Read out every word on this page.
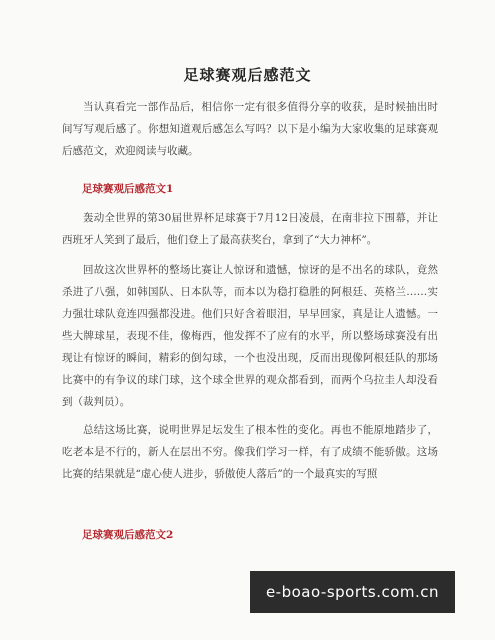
足球赛观后感范文

当认真看完一部作品后，相信你一定有很多值得分享的收获，是时候抽出时间写写观后感了。你想知道观后感怎么写吗？以下是小编为大家收集的足球赛观后感范文，欢迎阅读与收藏。

足球赛观后感范文1

轰动全世界的第30届世界杯足球赛于7月12日凌晨，在南非拉下围幕，并让西班牙人笑到了最后，他们登上了最高获奖台，拿到了“大力神杯”。

回故这次世界杯的整场比赛让人惊讶和遗憾，惊讶的是不出名的球队，竟然杀进了八强，如韩国队、日本队等，而本以为稳打稳胜的阿根廷、英格兰……实力强壮球队竟连四强都没进。他们只好含着眼泪，早早回家，真是让人遗憾。一些大牌球星，表现不佳，像梅西，他发挥不了应有的水平，所以整场球赛没有出现让有惊讶的瞬间，精彩的倒勾球，一个也没出现，反而出现像阿根廷队的那场比赛中的有争议的球门球，这个球全世界的观众都看到，而两个乌拉圭人却没看到（裁判员）。

总结这场比赛，说明世界足坛发生了根本性的变化。再也不能原地踏步了，吃老本是不行的，新人在层出不穷。像我们学习一样，有了成绩不能骄傲。这场比赛的结果就是“虚心使人进步，骄傲使人落后”的一个最真实的写照

足球赛观后感范文2
e-boao-sports.com.cn
